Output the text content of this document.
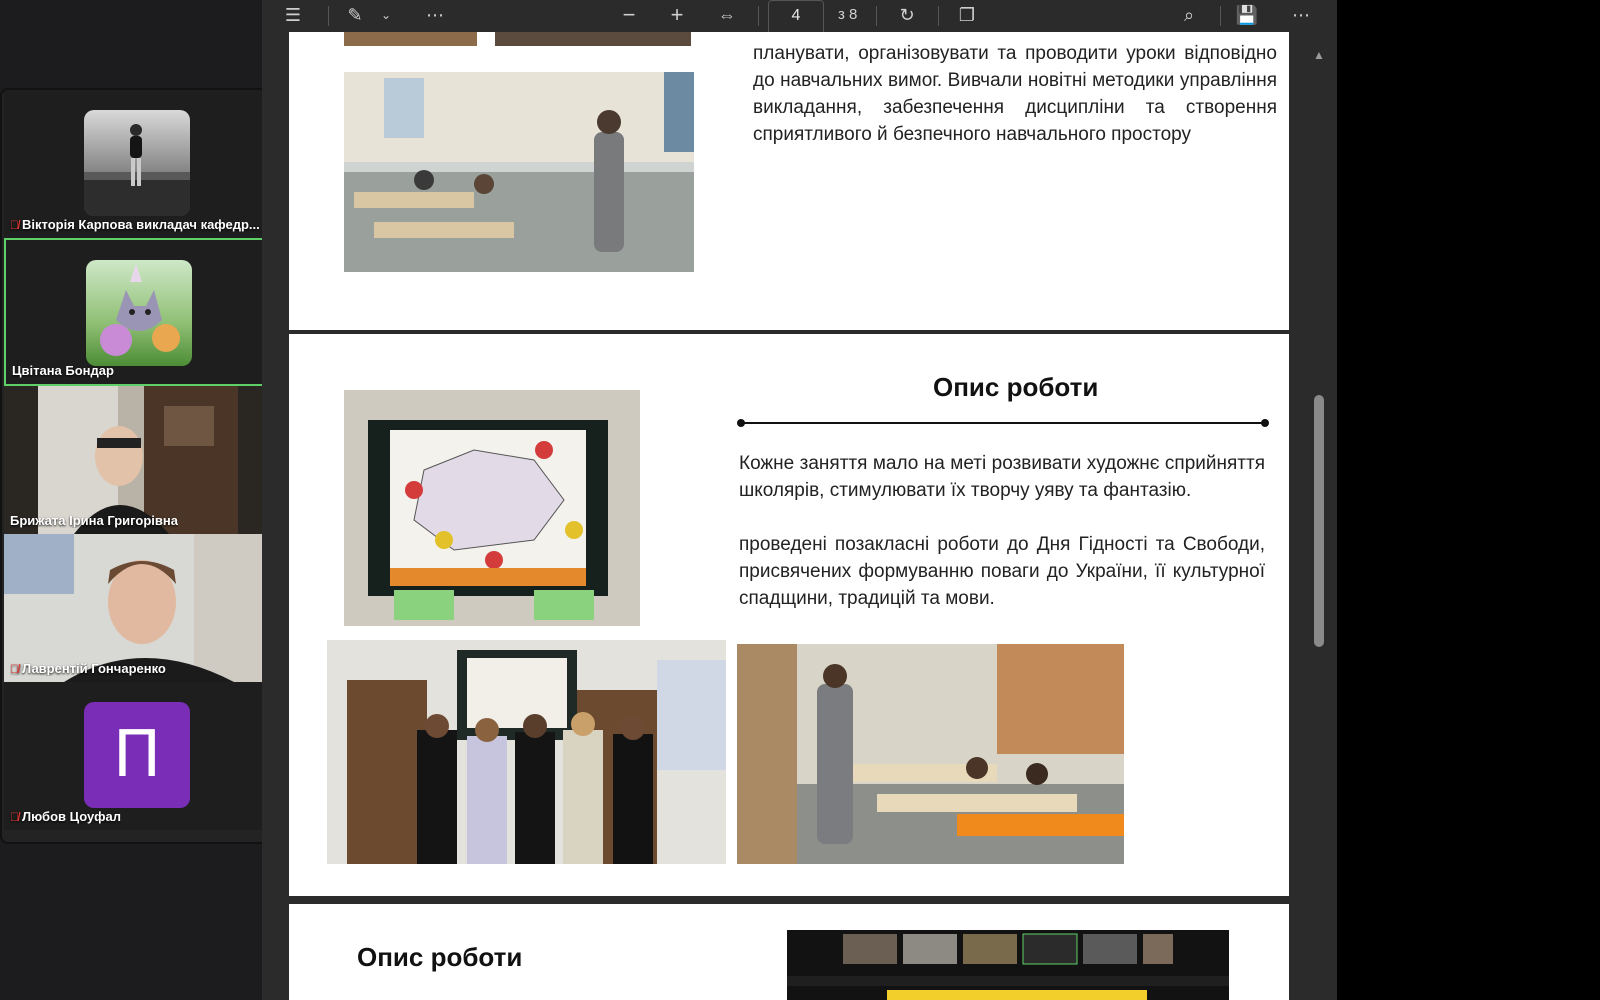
🎙̸ Вікторія Карпова викладач кафедр...
Цвітана Бондар
Брижата Ірина Григорівна
🎙̸ Лаврентій Гончаренко
П
🎙̸ Любов Цоуфал
☰	✎	⌄	⋯	−	+	⇔	4	з 8	↻	❐	⌕	💾	⋯
планувати, організовувати та проводити уроки відповідно до навчальних вимог. Вивчали новітні методики управління викладання, забезпечення дисципліни та створення сприятливого й безпечного навчального простору
Опис роботи
Кожне заняття мало на меті розвивати художнє сприйняття школярів, стимулювати їх творчу уяву та фантазію.
проведені позакласні роботи до Дня Гідності та Свободи, присвячених формуванню поваги до України, її культурної спадщини, традицій та мови.
Опис роботи
▲
